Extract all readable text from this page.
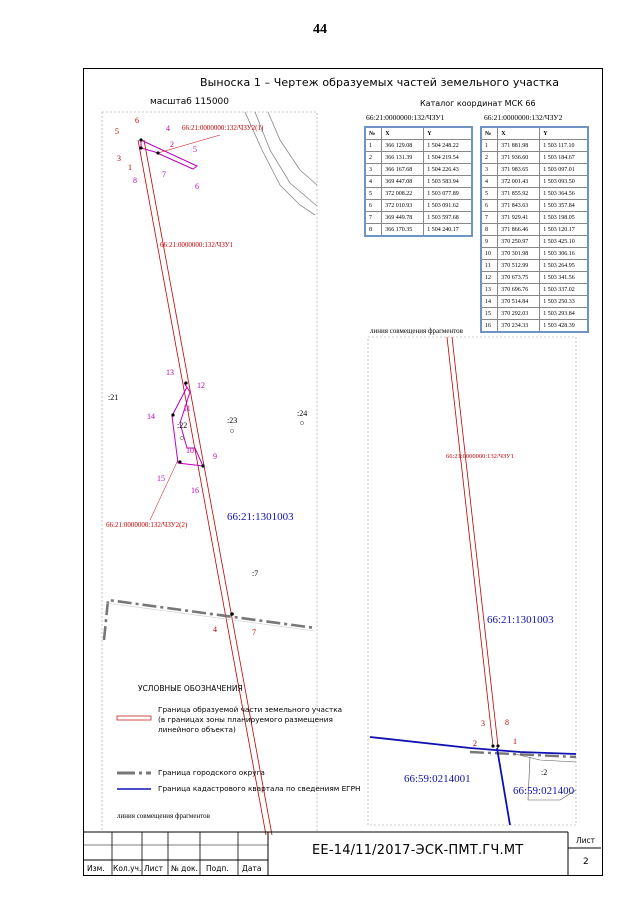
44
Выноска 1 – Чертеж образуемых частей земельного участка
масштаб 115000	Каталог координат МСК 66
66:21:0000000:132/ЧЗУ1	66:21:0000000:132/ЧЗУ2
№	X	Y
1	366 129.08	1 504 248.22
2	366 131.39	1 504 219.54
3	366 167.68	1 504 226.43
4	369 447.08	1 503 583.94
5	372 008.22	1 503 077.89
6	372 010.93	1 503 091.62
7	369 449.78	1 503 597.68
8	366 170.35	1 504 240.17
№	X	Y
1	371 881.98	1 503 117.10
2	371 936.60	1 503 184.67
3	371 983.65	1 503 097.01
4	372 001.43	1 503 093.50
5	371 855.92	1 503 364.56
6	371 843.63	1 503 357.84
7	371 929.41	1 503 198.05
8	371 866.46	1 503 120.17
9	370 250.97	1 503 425.10
10	370 301.98	1 503 306.16
11	370 512.99	1 503 264.95
12	370 673.75	1 503 341.56
13	370 696.76	1 503 337.02
14	370 514.84	1 503 250.33
15	370 292.03	1 503 293.84
16	370 234.33	1 503 428.39
66:21:0000000:132/ЧЗУ2(1)
66:21:0000000:132/ЧЗУ1
66:21:0000000:132/ЧЗУ2(2)
66:21:1301003
:21
:22
:23
:24
:7
линия совмещения фрагментов
6
5
3
1
8
4	7
4
2
7
5
6
13
12
14
11
10
9
15
16
линия совмещения фрагментов
66:21:0000000:132/ЧЗУ1
66:21:1301003
66:59:0214001
66:59:021400
:2
3	8
2	1
УСЛОВНЫЕ ОБОЗНАЧЕНИЯ
Граница образуемой части земельного участка
(в границах зоны планируемого размещения
линейного объекта)
Граница городского округа
Граница кадастрового квартала по сведениям ЕГРН
ЕЕ-14/11/2017-ЭСК-ПМТ.ГЧ.МТ
Лист
2
Изм. Кол.уч. Лист № док. Подп. Дата
